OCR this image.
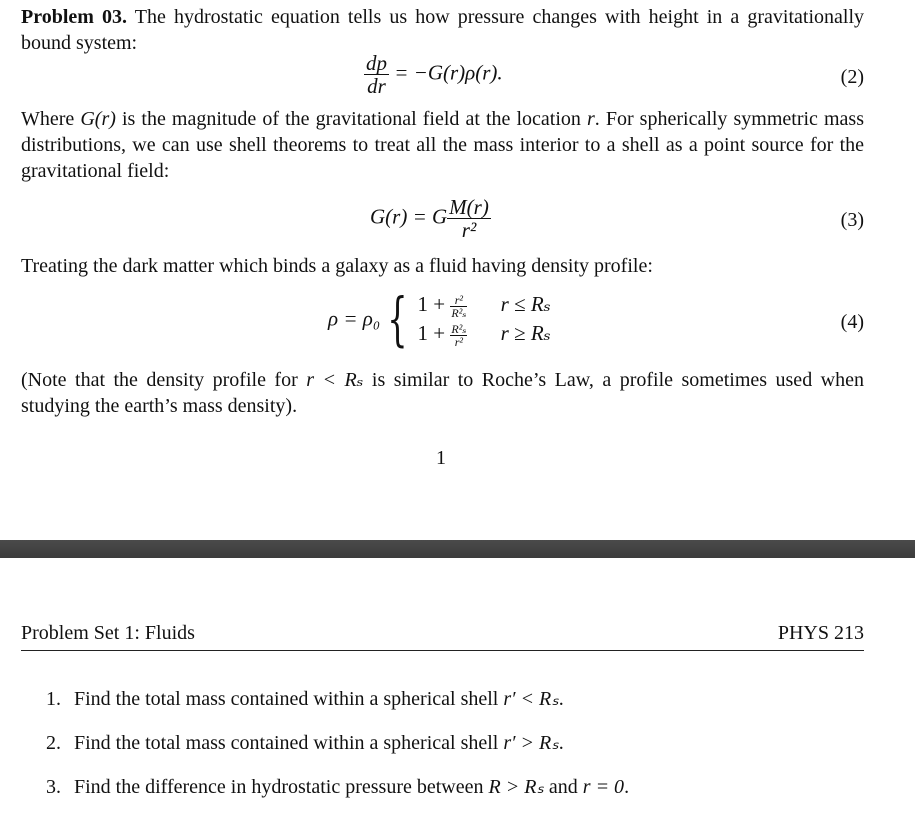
Problem 03. The hydrostatic equation tells us how pressure changes with height in a gravitationally bound system:
$\frac{dp}{dr} = -G(r)\rho(r)$.	(2)
Where G(r) is the magnitude of the gravitational field at the location r. For spherically symmetric mass distributions, we can use shell theorems to treat all the mass interior to a shell as a point source for the gravitational field:
G(r) = G $\frac{M(r)}{\text{r²}}$	(3)
Treating the dark matter which binds a galaxy as a fluid having density profile:
ρ = ρ₀ { $1 + \frac{\text{r²}}{\text{R²ₛ}}$ r ≤ Rₛ
$1 + \frac{\text{R²ₛ}}{\text{r²}}$ r ≥ Rₛ	(4)
(Note that the density profile for r < Rₛ is similar to Roche’s Law, a profile sometimes used when studying the earth’s mass density).
1
Problem Set 1: Fluids	PHYS 213
1. Find the total mass contained within a spherical shell r′ < Rₛ.
2. Find the total mass contained within a spherical shell r′ > Rₛ.
3. Find the difference in hydrostatic pressure between R > Rₛ and r = 0.
